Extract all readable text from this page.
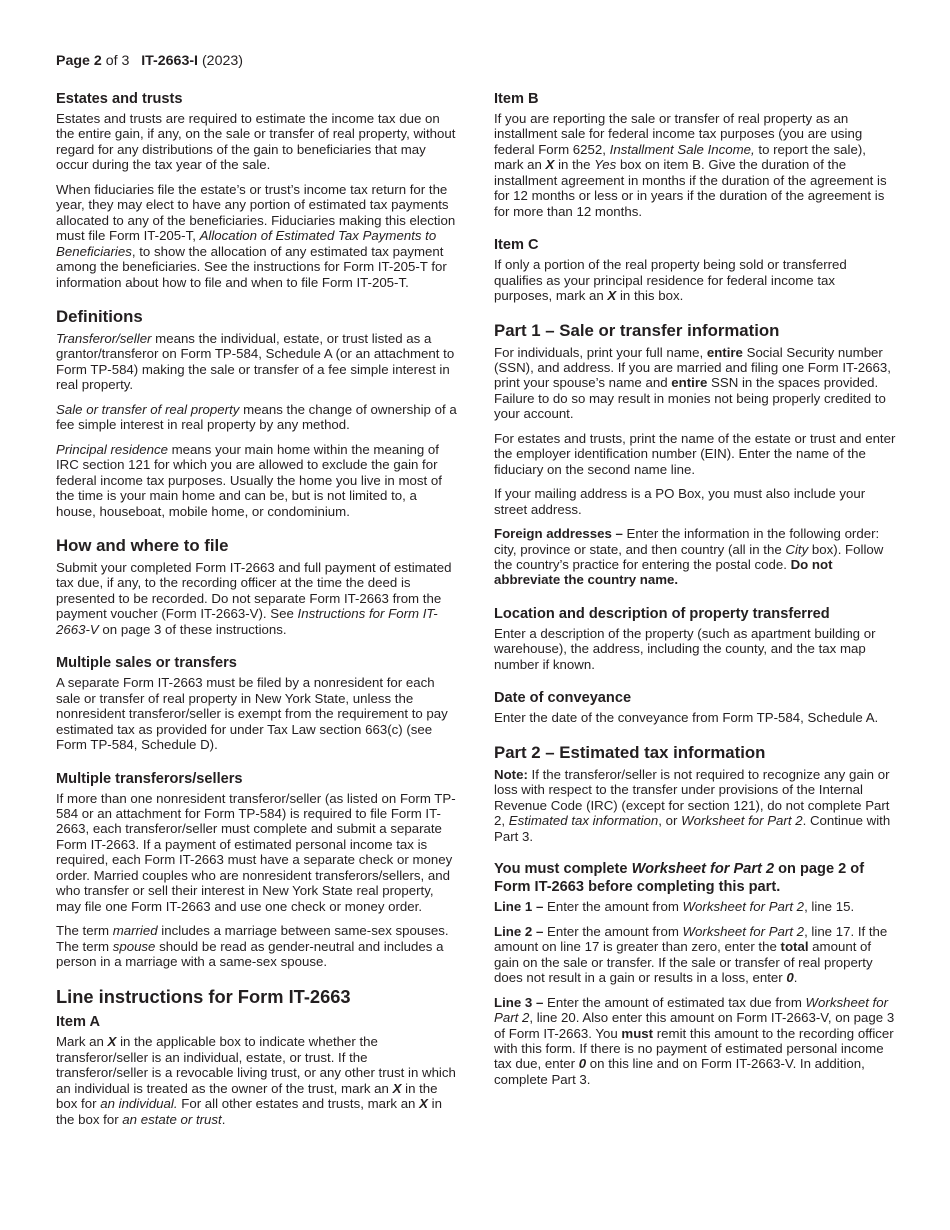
Page 2 of 3 IT-2663-I (2023)
Estates and trusts

Estates and trusts are required to estimate the income tax due on the entire gain, if any, on the sale or transfer of real property, without regard for any distributions of the gain to beneficiaries that may occur during the tax year of the sale.

When fiduciaries file the estate’s or trust’s income tax return for the year, they may elect to have any portion of estimated tax payments allocated to any of the beneficiaries. Fiduciaries making this election must file Form IT-205-T, Allocation of Estimated Tax Payments to Beneficiaries, to show the allocation of any estimated tax payment among the beneficiaries. See the instructions for Form IT-205-T for information about how to file and when to file Form IT-205-T.

Definitions

Transferor/seller means the individual, estate, or trust listed as a grantor/transferor on Form TP-584, Schedule A (or an attachment to Form TP-584) making the sale or transfer of a fee simple interest in real property.

Sale or transfer of real property means the change of ownership of a fee simple interest in real property by any method.

Principal residence means your main home within the meaning of IRC section 121 for which you are allowed to exclude the gain for federal income tax purposes. Usually the home you live in most of the time is your main home and can be, but is not limited to, a house, houseboat, mobile home, or condominium.

How and where to file

Submit your completed Form IT-2663 and full payment of estimated tax due, if any, to the recording officer at the time the deed is presented to be recorded. Do not separate Form IT-2663 from the payment voucher (Form IT-2663-V). See Instructions for Form IT-2663-V on page 3 of these instructions.

Multiple sales or transfers

A separate Form IT-2663 must be filed by a nonresident for each sale or transfer of real property in New York State, unless the nonresident transferor/seller is exempt from the requirement to pay estimated tax as provided for under Tax Law section 663(c) (see Form TP-584, Schedule D).

Multiple transferors/sellers

If more than one nonresident transferor/seller (as listed on Form TP-584 or an attachment for Form TP-584) is required to file Form IT-2663, each transferor/seller must complete and submit a separate Form IT-2663. If a payment of estimated personal income tax is required, each Form IT-2663 must have a separate check or money order. Married couples who are nonresident transferors/sellers, and who transfer or sell their interest in New York State real property, may file one Form IT-2663 and use one check or money order.

The term married includes a marriage between same-sex spouses. The term spouse should be read as gender-neutral and includes a person in a marriage with a same-sex spouse.

Line instructions for Form IT-2663
Item A

Mark an X in the applicable box to indicate whether the transferor/seller is an individual, estate, or trust. If the transferor/seller is a revocable living trust, or any other trust in which an individual is treated as the owner of the trust, mark an X in the box for an individual. For all other estates and trusts, mark an X in the box for an estate or trust.

Item B

If you are reporting the sale or transfer of real property as an installment sale for federal income tax purposes (you are using federal Form 6252, Installment Sale Income, to report the sale), mark an X in the Yes box on item B. Give the duration of the installment agreement in months if the duration of the agreement is for 12 months or less or in years if the duration of the agreement is for more than 12 months.

Item C

If only a portion of the real property being sold or transferred qualifies as your principal residence for federal income tax purposes, mark an X in this box.

Part 1 – Sale or transfer information

For individuals, print your full name, entire Social Security number (SSN), and address. If you are married and filing one Form IT-2663, print your spouse’s name and entire SSN in the spaces provided. Failure to do so may result in monies not being properly credited to your account.

For estates and trusts, print the name of the estate or trust and enter the employer identification number (EIN). Enter the name of the fiduciary on the second name line.

If your mailing address is a PO Box, you must also include your street address.

Foreign addresses – Enter the information in the following order: city, province or state, and then country (all in the City box). Follow the country’s practice for entering the postal code. Do not abbreviate the country name.

Location and description of property transferred

Enter a description of the property (such as apartment building or warehouse), the address, including the county, and the tax map number if known.

Date of conveyance

Enter the date of the conveyance from Form TP-584, Schedule A.

Part 2 – Estimated tax information

Note: If the transferor/seller is not required to recognize any gain or loss with respect to the transfer under provisions of the Internal Revenue Code (IRC) (except for section 121), do not complete Part 2, Estimated tax information, or Worksheet for Part 2. Continue with Part 3.

You must complete Worksheet for Part 2 on page 2 of Form IT-2663 before completing this part.

Line 1 – Enter the amount from Worksheet for Part 2, line 15.

Line 2 – Enter the amount from Worksheet for Part 2, line 17. If the amount on line 17 is greater than zero, enter the total amount of gain on the sale or transfer. If the sale or transfer of real property does not result in a gain or results in a loss, enter 0.

Line 3 – Enter the amount of estimated tax due from Worksheet for Part 2, line 20. Also enter this amount on Form IT-2663-V, on page 3 of Form IT-2663. You must remit this amount to the recording officer with this form. If there is no payment of estimated personal income tax due, enter 0 on this line and on Form IT-2663-V. In addition, complete Part 3.
